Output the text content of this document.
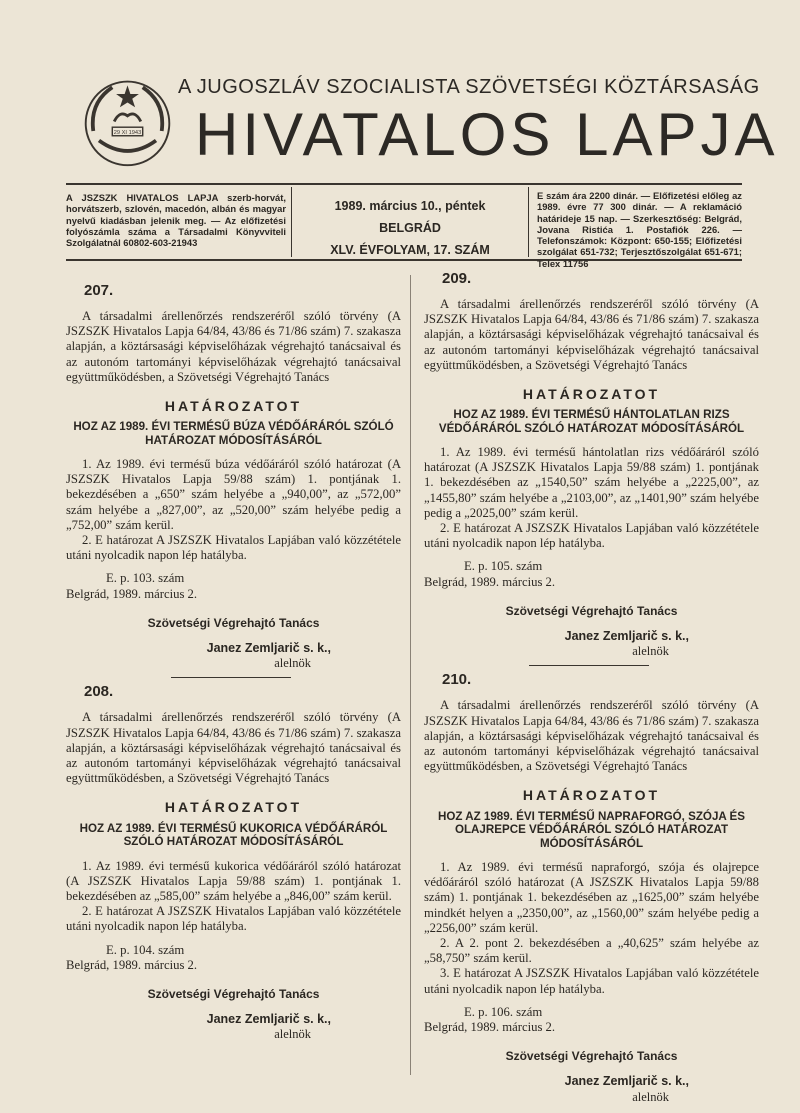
29 XI 1943
A JUGOSZLÁV SZOCIALISTA SZÖVETSÉGI KÖZTÁRSASÁG
HIVATALOS LAPJA
A JSZSZK HIVATALOS LAPJA szerb-horvát, horvátszerb, szlovén, macedón, albán és magyar nyelvű kiadásban jelenik meg. — Az előfizetési folyószámla száma a Társadalmi Könyvviteli Szolgálatnál 60802-603-21943
1989. március 10., péntek
BELGRÁD
XLV. ÉVFOLYAM, 17. SZÁM
E szám ára 2200 dinár. — Előfizetési előleg az 1989. évre 77 300 dinár. — A reklamáció határideje 15 nap. — Szerkesztőség: Belgrád, Jovana Ristića 1. Postafiók 226. — Telefonszámok: Központ: 650-155; Előfizetési szolgálat 651-732; Terjesztőszolgálat 651-671; Telex 11756
207.

A társadalmi árellenőrzés rendszeréről szóló törvény (A JSZSZK Hivatalos Lapja 64/84, 43/86 és 71/86 szám) 7. szakasza alapján, a köztársasági képviselőházak végrehajtó tanácsaival és az autonóm tartományi képviselőházak végrehajtó tanácsaival együttműködésben, a Szövetségi Végrehajtó Tanács

HATÁROZATOT
HOZ AZ 1989. ÉVI TERMÉSŰ BÚZA VÉDŐÁRÁRÓL SZÓLÓ HATÁROZAT MÓDOSÍTÁSÁRÓL

1. Az 1989. évi termésű búza védőáráról szóló határozat (A JSZSZK Hivatalos Lapja 59/88 szám) 1. pontjának 1. bekezdésében a „650” szám helyébe a „940,00”, az „572,00” szám helyébe a „827,00”, az „520,00” szám helyébe pedig a „752,00” szám kerül.

2. E határozat A JSZSZK Hivatalos Lapjában való közzététele utáni nyolcadik napon lép hatályba.

E. p. 103. szám
Belgrád, 1989. március 2.
Szövetségi Végrehajtó Tanács
Janez Zemljarič s. k.,
alelnök
208.

A társadalmi árellenőrzés rendszeréről szóló törvény (A JSZSZK Hivatalos Lapja 64/84, 43/86 és 71/86 szám) 7. szakasza alapján, a köztársasági képviselőházak végrehajtó tanácsaival és az autonóm tartományi képviselőházak végrehajtó tanácsaival együttműködésben, a Szövetségi Végrehajtó Tanács

HATÁROZATOT
HOZ AZ 1989. ÉVI TERMÉSŰ KUKORICA VÉDŐÁRÁRÓL SZÓLÓ HATÁROZAT MÓDOSÍTÁSÁRÓL

1. Az 1989. évi termésű kukorica védőáráról szóló határozat (A JSZSZK Hivatalos Lapja 59/88 szám) 1. pontjának 1. bekezdésében az „585,00” szám helyébe a „846,00” szám kerül.

2. E határozat A JSZSZK Hivatalos Lapjában való közzététele utáni nyolcadik napon lép hatályba.

E. p. 104. szám
Belgrád, 1989. március 2.
Szövetségi Végrehajtó Tanács
Janez Zemljarič s. k.,
alelnök
209.

A társadalmi árellenőrzés rendszeréről szóló törvény (A JSZSZK Hivatalos Lapja 64/84, 43/86 és 71/86 szám) 7. szakasza alapján, a köztársasági képviselőházak végrehajtó tanácsaival és az autonóm tartományi képviselőházak végrehajtó tanácsaival együttműködésben, a Szövetségi Végrehajtó Tanács

HATÁROZATOT
HOZ AZ 1989. ÉVI TERMÉSŰ HÁNTOLATLAN RIZS VÉDŐÁRÁRÓL SZÓLÓ HATÁROZAT MÓDOSÍTÁSÁRÓL

1. Az 1989. évi termésű hántolatlan rizs védőáráról szóló határozat (A JSZSZK Hivatalos Lapja 59/88 szám) 1. pontjának 1. bekezdésében az „1540,50” szám helyébe a „2225,00”, az „1455,80” szám helyébe a „2103,00”, az „1401,90” szám helyébe pedig a „2025,00” szám kerül.

2. E határozat A JSZSZK Hivatalos Lapjában való közzététele utáni nyolcadik napon lép hatályba.

E. p. 105. szám
Belgrád, 1989. március 2.
Szövetségi Végrehajtó Tanács
Janez Zemljarič s. k.,
alelnök
210.

A társadalmi árellenőrzés rendszeréről szóló törvény (A JSZSZK Hivatalos Lapja 64/84, 43/86 és 71/86 szám) 7. szakasza alapján, a köztársasági képviselőházak végrehajtó tanácsaival és az autonóm tartományi képviselőházak végrehajtó tanácsaival együttműködésben, a Szövetségi Végrehajtó Tanács

HATÁROZATOT
HOZ AZ 1989. ÉVI TERMÉSŰ NAPRAFORGÓ, SZÓJA ÉS OLAJREPCE VÉDŐÁRÁRÓL SZÓLÓ HATÁROZAT MÓDOSÍTÁSÁRÓL

1. Az 1989. évi termésű napraforgó, szója és olajrepce védőáráról szóló határozat (A JSZSZK Hivatalos Lapja 59/88 szám) 1. pontjának 1. bekezdésében az „1625,00” szám helyébe mindkét helyen a „2350,00”, az „1560,00” szám helyébe pedig a „2256,00” szám kerül.

2. A 2. pont 2. bekezdésében a „40,625” szám helyébe az „58,750” szám kerül.

3. E határozat A JSZSZK Hivatalos Lapjában való közzététele utáni nyolcadik napon lép hatályba.

E. p. 106. szám
Belgrád, 1989. március 2.
Szövetségi Végrehajtó Tanács
Janez Zemljarič s. k.,
alelnök
